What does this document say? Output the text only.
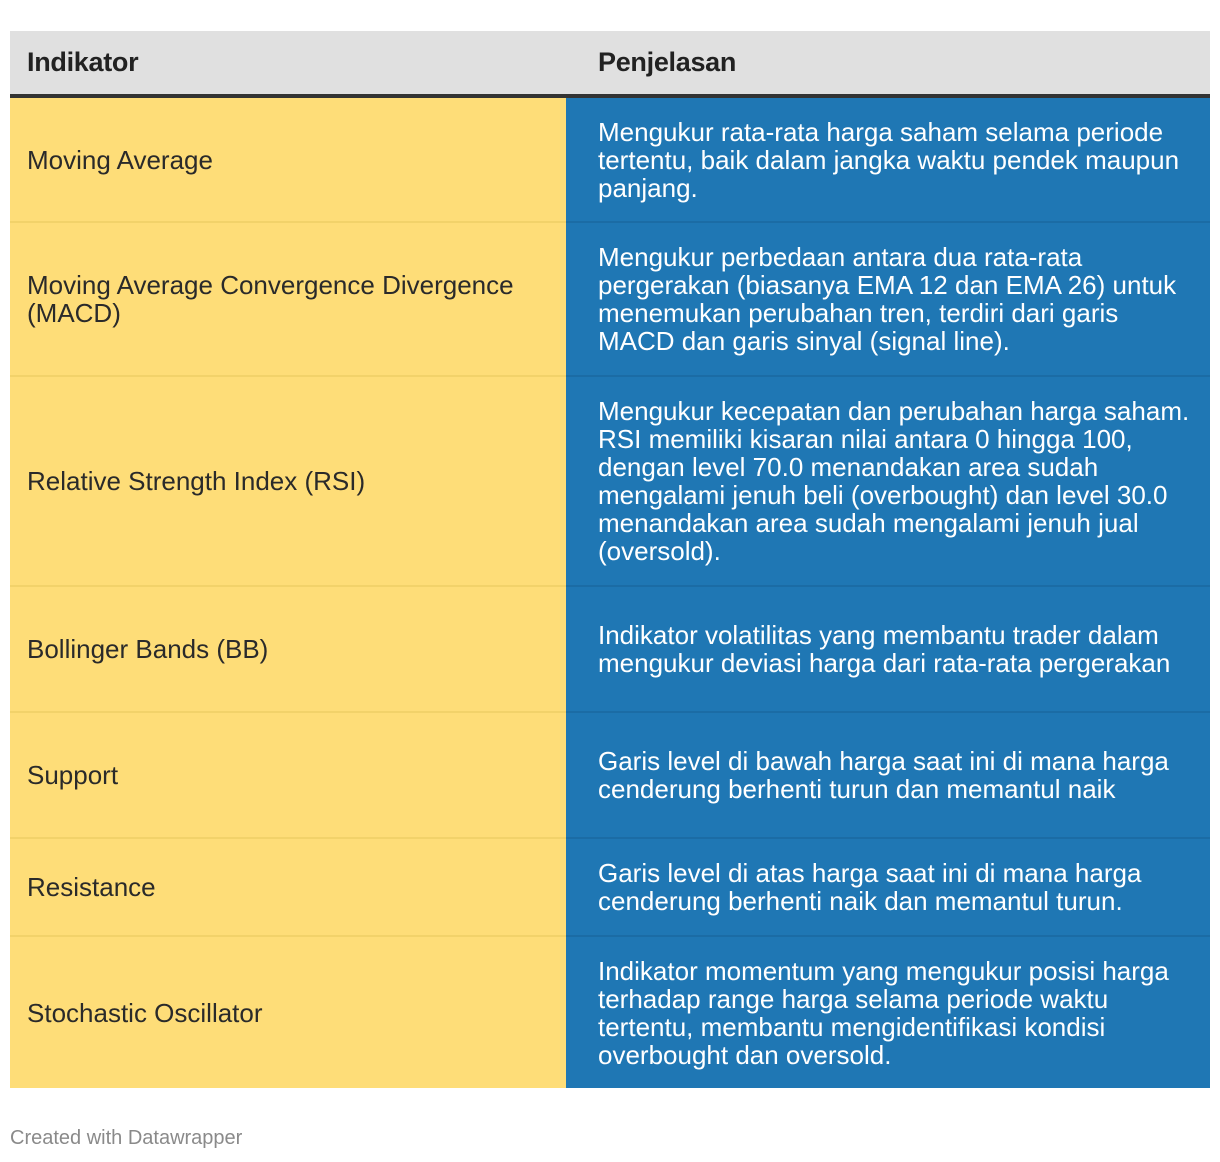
Indikator	Penjelasan
Moving Average	Mengukur rata-rata harga saham selama periode tertentu, baik dalam jangka waktu pendek maupun panjang.
Moving Average Convergence Divergence (MACD)	Mengukur perbedaan antara dua rata-rata pergerakan (biasanya EMA 12 dan EMA 26) untuk menemukan perubahan tren, terdiri dari garis MACD dan garis sinyal (signal line).
Relative Strength Index (RSI)	Mengukur kecepatan dan perubahan harga saham. RSI memiliki kisaran nilai antara 0 hingga 100, dengan level 70.0 menandakan area sudah mengalami jenuh beli (overbought) dan level 30.0 menandakan area sudah mengalami jenuh jual (oversold).
Bollinger Bands (BB)	Indikator volatilitas yang membantu trader dalam mengukur deviasi harga dari rata-rata pergerakan
Support	Garis level di bawah harga saat ini di mana harga cenderung berhenti turun dan memantul naik
Resistance	Garis level di atas harga saat ini di mana harga cenderung berhenti naik dan memantul turun.
Stochastic Oscillator	Indikator momentum yang mengukur posisi harga terhadap range harga selama periode waktu tertentu, membantu mengidentifikasi kondisi overbought dan oversold.
Created with Datawrapper
